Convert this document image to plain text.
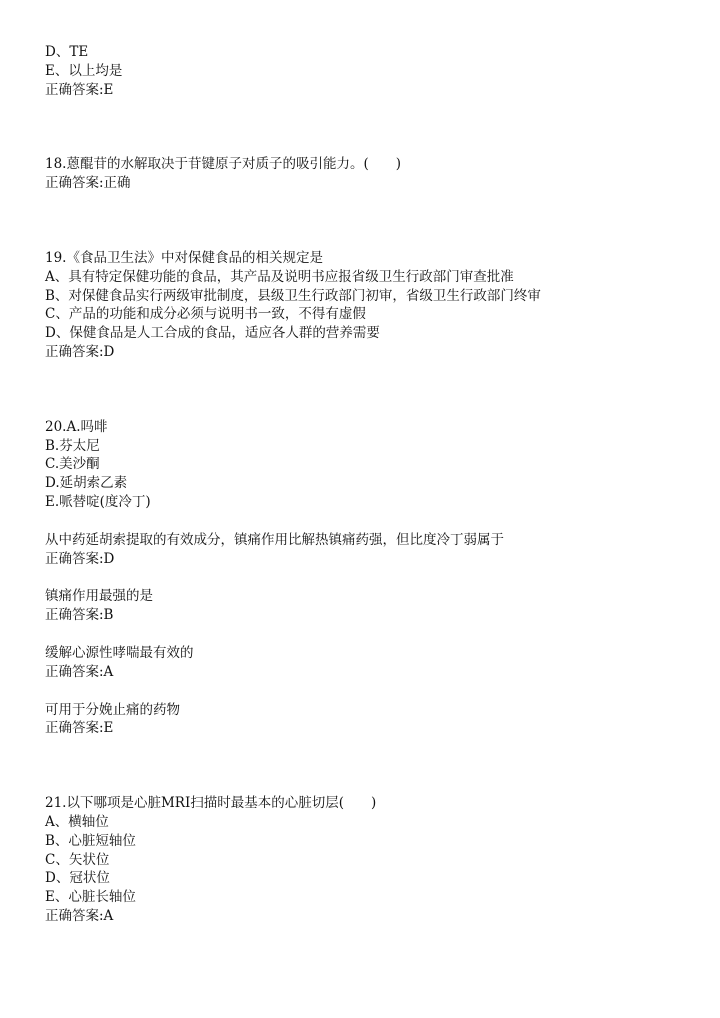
D、TE
E、以上均是
正确答案:E
18.蒽醌苷的水解取决于苷键原子对质子的吸引能力。(　　)
正确答案:正确
19.《食品卫生法》中对保健食品的相关规定是
A、具有特定保健功能的食品，其产品及说明书应报省级卫生行政部门审查批准
B、对保健食品实行两级审批制度，县级卫生行政部门初审，省级卫生行政部门终审
C、产品的功能和成分必须与说明书一致，不得有虚假
D、保健食品是人工合成的食品，适应各人群的营养需要
正确答案:D
20.A.吗啡
B.芬太尼
C.美沙酮
D.延胡索乙素
E.哌替啶(度冷丁)
从中药延胡索提取的有效成分，镇痛作用比解热镇痛药强，但比度冷丁弱属于
正确答案:D
镇痛作用最强的是
正确答案:B
缓解心源性哮喘最有效的
正确答案:A
可用于分娩止痛的药物
正确答案:E
21.以下哪项是心脏MRI扫描时最基本的心脏切层(　　)
A、横轴位
B、心脏短轴位
C、矢状位
D、冠状位
E、心脏长轴位
正确答案:A
